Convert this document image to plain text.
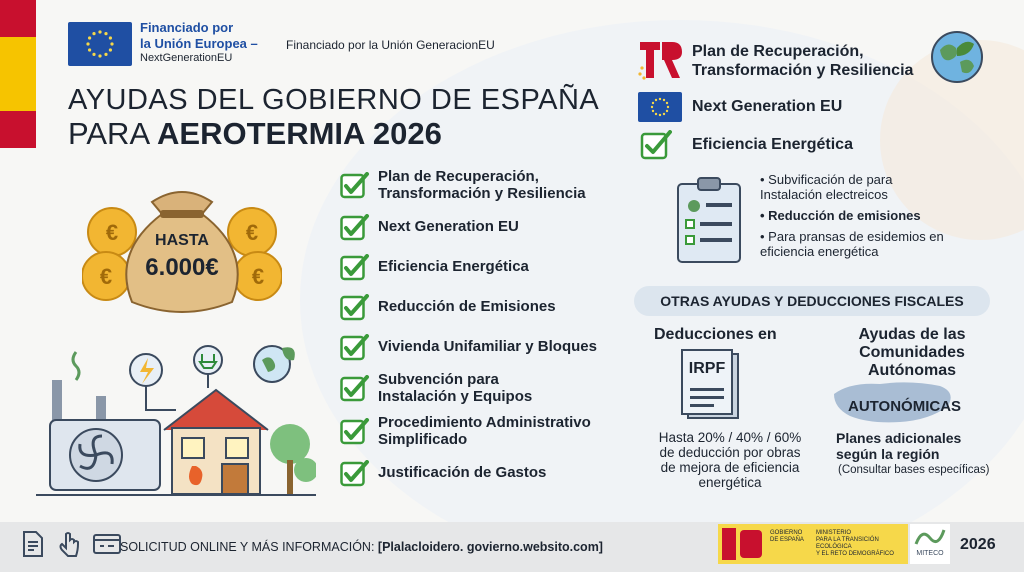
Financiado por
la Unión Europea –
NextGenerationEU
Financiado por la Unión GeneracionEU
AYUDAS DEL GOBIERNO DE ESPAÑA
PARA AEROTERMIA 2026
€	€
€	€
HASTA
6.000€
Plan de Recuperación,
Transformación y Resiliencia
Next Generation EU
Eficiencia Energética
Reducción de Emisiones
Vivienda Unifamiliar y Bloques
Subvención para
Instalación y Equipos
Procedimiento Administrativo
Simplificado
Justificación de Gastos
Plan de Recuperación,
Transformación y Resiliencia
Next Generation EU
Eficiencia Energética
• Subvificación de para
Instalación electreicos
• Reducción de emisiones
• Para pransas de esidemios en
eficiencia energética
OTRAS AYUDAS Y DEDUCCIONES FISCALES
Deducciones en
IRPF
Hasta 20% / 40% / 60%
de deducción por obras
de mejora de eficiencia
energética
Ayudas de las
Comunidades
Autónomas
AUTONÓMICAS
Planes adicionales
según la región
(Consultar bases específicas)
SOLICITUD ONLINE Y MÁS INFORMACIÓN: [Plalacloidero. govierno.websito.com]
GOBIERNO
DE ESPAÑA
MINISTERIO
PARA LA TRANSICIÓN ECOLÓGICA
Y EL RETO DEMOGRÁFICO	MITECO
2026
